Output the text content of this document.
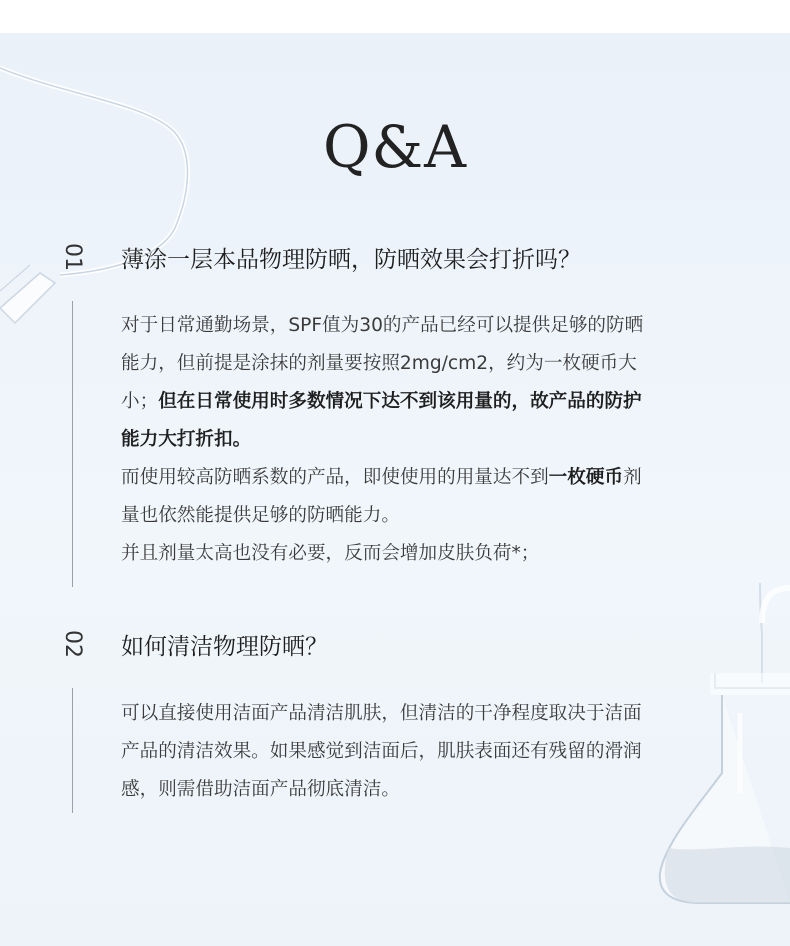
Q&A
01 薄涂一层本品物理防晒，防晒效果会打折吗？
对于日常通勤场景，SPF值为30的产品已经可以提供足够的防晒
能力，但前提是涂抹的剂量要按照2mg/cm2，约为一枚硬币大
小；但在日常使用时多数情况下达不到该用量的，故产品的防护
能力大打折扣。
而使用较高防晒系数的产品，即使使用的用量达不到一枚硬币剂
量也依然能提供足够的防晒能力。
并且剂量太高也没有必要，反而会增加皮肤负荷*；
02 如何清洁物理防晒？
可以直接使用洁面产品清洁肌肤，但清洁的干净程度取决于洁面
产品的清洁效果。如果感觉到洁面后，肌肤表面还有残留的滑润
感，则需借助洁面产品彻底清洁。
